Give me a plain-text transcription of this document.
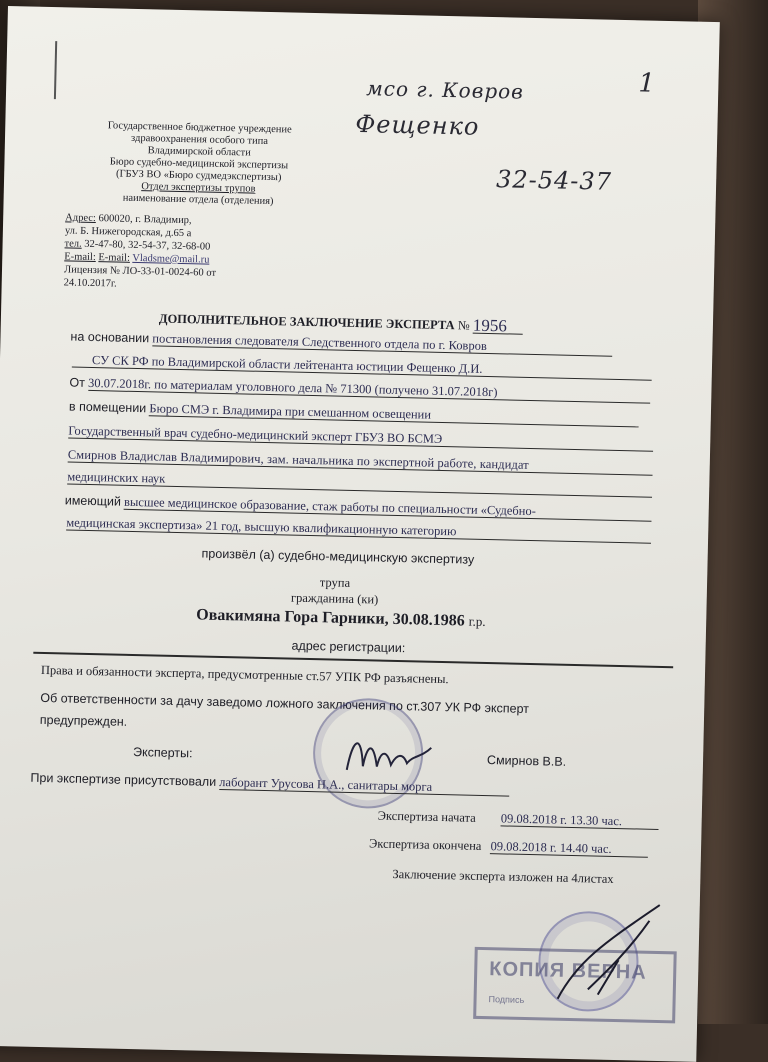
1
мсо г. Ковров
Фещенко
32-54-37
Государственное бюджетное учреждение
здравоохранения особого типа
Владимирской области
Бюро судебно-медицинской экспертизы
(ГБУЗ ВО «Бюро судмедэкспертизы)
Отдел экспертизы трупов
наименование отдела (отделения)
Адрес: 600020, г. Владимир,
ул. Б. Нижегородская, д.65 а
тел. 32-47-80, 32-54-37, 32-68-00
E-mail: E-mail: Vladsme@mail.ru
Лицензия № ЛО-33-01-0024-60 от
24.10.2017г.
ДОПОЛНИТЕЛЬНОЕ ЗАКЛЮЧЕНИЕ ЭКСПЕРТА № 1956
на основании постановления следователя Следственного отдела по г. Ковров
СУ СК РФ по Владимирской области лейтенанта юстиции Фещенко Д.И.
От 30.07.2018г. по материалам уголовного дела № 71300 (получено 31.07.2018г)
в помещении Бюро СМЭ г. Владимира при смешанном освещении
Государственный врач судебно-медицинский эксперт ГБУЗ ВО БСМЭ
Смирнов Владислав Владимирович, зам. начальника по экспертной работе, кандидат
медицинских наук
имеющий высшее медицинское образование, стаж работы по специальности «Судебно-
медицинская экспертиза» 21 год, высшую квалификационную категорию
произвёл (а) судебно-медицинскую экспертизу
трупа
гражданина (ки)
Овакимяна Гора Гарники, 30.08.1986 г.р.
адрес регистрации:
Права и обязанности эксперта, предусмотренные ст.57 УПК РФ разъяснены.
Об ответственности за дачу заведомо ложного заключения по ст.307 УК РФ эксперт
предупрежден.
Эксперты:
Смирнов В.В.
При экспертизе присутствовали лаборант Урусова Н.А., санитары морга
Экспертиза начата 09.08.2018 г. 13.30 час.
Экспертиза окончена 09.08.2018 г. 14.40 час.
Заключение эксперта изложен на 4листах
КОПИЯ ВЕРНА
Подпись
